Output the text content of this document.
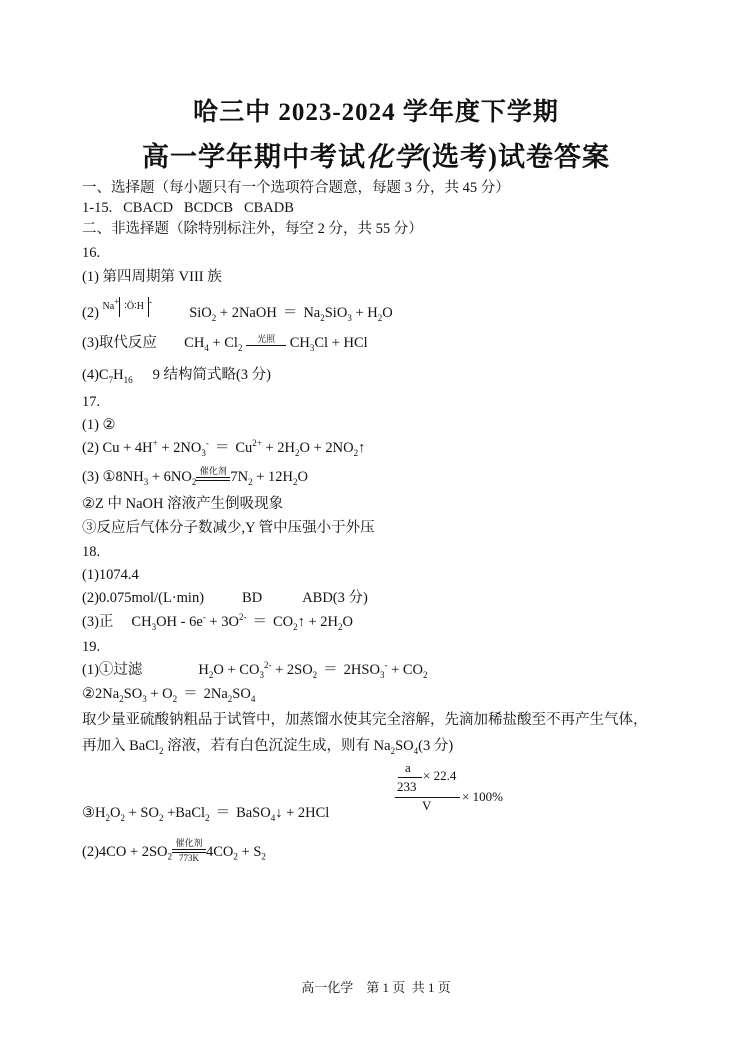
哈三中 2023-2024 学年度下学期
高一学年期中考试化学(选考)试卷答案
一、选择题（每小题只有一个选项符合题意，每题 3 分，共 45 分）
1-15.   CBACD   BCDCB   CBADB
二、非选择题（除特别标注外，每空 2 分，共 55 分）
16.
(1) 第四周期第 VIII 族
(2) Na+ ∶Ö∶H -  SiO$_2$ + 2NaOH ＝ $Na_2SiO_3 + H_2O$
(3)取代反应  $CH_4 + Cl_2$
光照 $CH_3Cl$ + HCl
$(4)C_7H_{16}$ 9 结构简式略(3 分)
17.
(1) ②
(2) $Cu + 4H^+ + 2NO_3^- = Cu^{2+} + 2H_2O$ + $2NO_2↑$
(3) $①8NH_3 + 6NO_2$
催化剂 $7N_2 + 12H_2O$
②Z 中 NaOH 溶液产生倒吸现象
③反应后气体分子数减少,Y 管中压强小于外压
18.
(1)1074.4
(2)0.075mol/(L·min)	BD	ABD(3 分)
(3)正 $CH_3OH - 6e^- + 3O^{2-}$ ＝ $CO_2↑ + 2H_2O$
19.
(1)①过滤	$H_2O + CO_3^{2-} + 2SO_2 = 2HSO_3^- + CO_2$
$②2Na_2SO_3 + O_2 = 2Na_2SO_4$
取少量亚硫酸钠粗品于试管中，加蒸馏水使其完全溶解，先滴加稀盐酸至不再产生气体，
再加入 BaCl$_2$ 溶液，若有白色沉淀生成，则有 $Na_2SO_4(3$ 分)
a
233
× 22.4
V
× 100%
$③H_2O_2 + SO_2$ +BaCl$_2$ ＝ BaSO$_4$↓ + 2HCl
$(2)4CO + 2SO_2$
催化剂
773K $4CO_2 + S_2$
高一化学    第 1 页  共 1 页
